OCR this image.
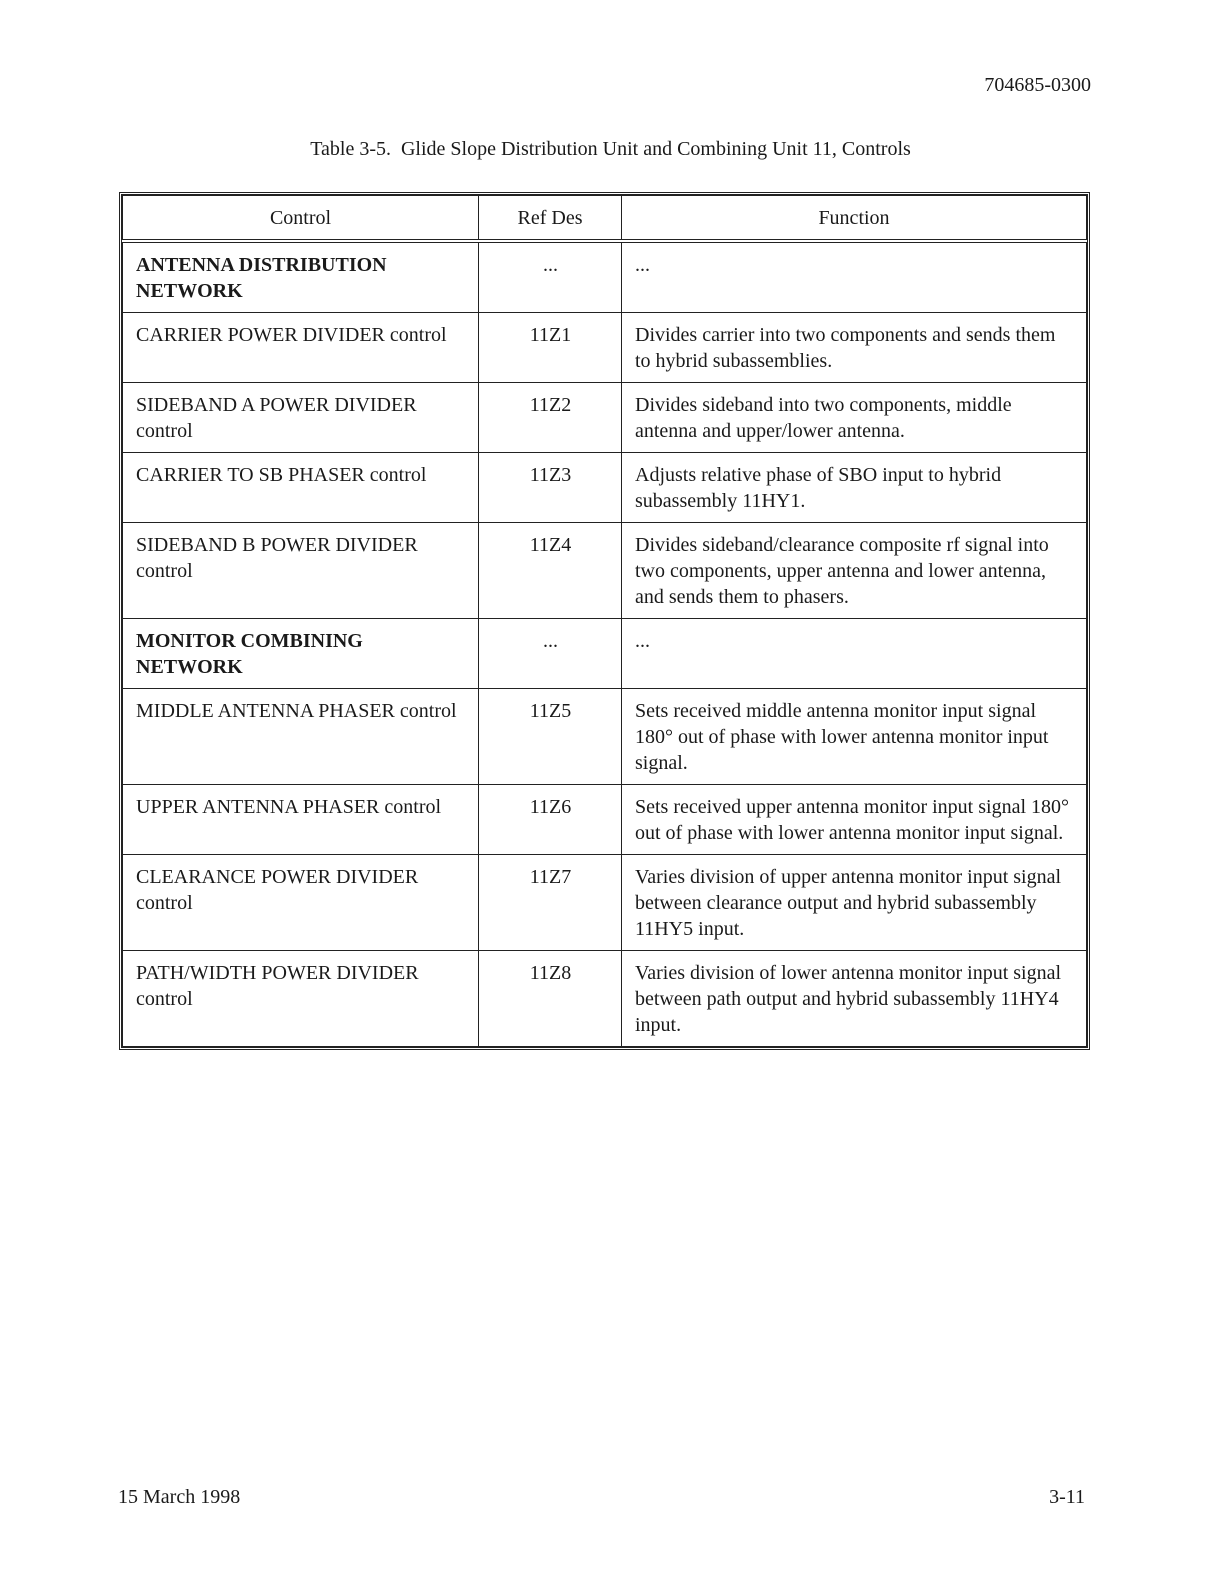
704685-0300
Table 3-5.  Glide Slope Distribution Unit and Combining Unit 11, Controls
Control	Ref Des	Function
ANTENNA DISTRIBUTION NETWORK	...	...
CARRIER POWER DIVIDER control	11Z1	Divides carrier into two components and sends them to hybrid subassemblies.
SIDEBAND A POWER DIVIDER control	11Z2	Divides sideband into two components, middle antenna and upper/lower antenna.
CARRIER TO SB PHASER control	11Z3	Adjusts relative phase of SBO input to hybrid subassembly 11HY1.
SIDEBAND B POWER DIVIDER control	11Z4	Divides sideband/clearance composite rf signal into two components, upper antenna and lower antenna, and sends them to phasers.
MONITOR COMBINING NETWORK	...	...
MIDDLE ANTENNA PHASER control	11Z5	Sets received middle antenna monitor input signal 180° out of phase with lower antenna monitor input signal.
UPPER ANTENNA PHASER control	11Z6	Sets received upper antenna monitor input signal 180° out of phase with lower antenna monitor input signal.
CLEARANCE POWER DIVIDER control	11Z7	Varies division of upper antenna monitor input signal between clearance output and hybrid subassembly 11HY5 input.
PATH/WIDTH POWER DIVIDER control	11Z8	Varies division of lower antenna monitor input signal between path output and hybrid subassembly 11HY4 input.
15 March 1998	3-11
